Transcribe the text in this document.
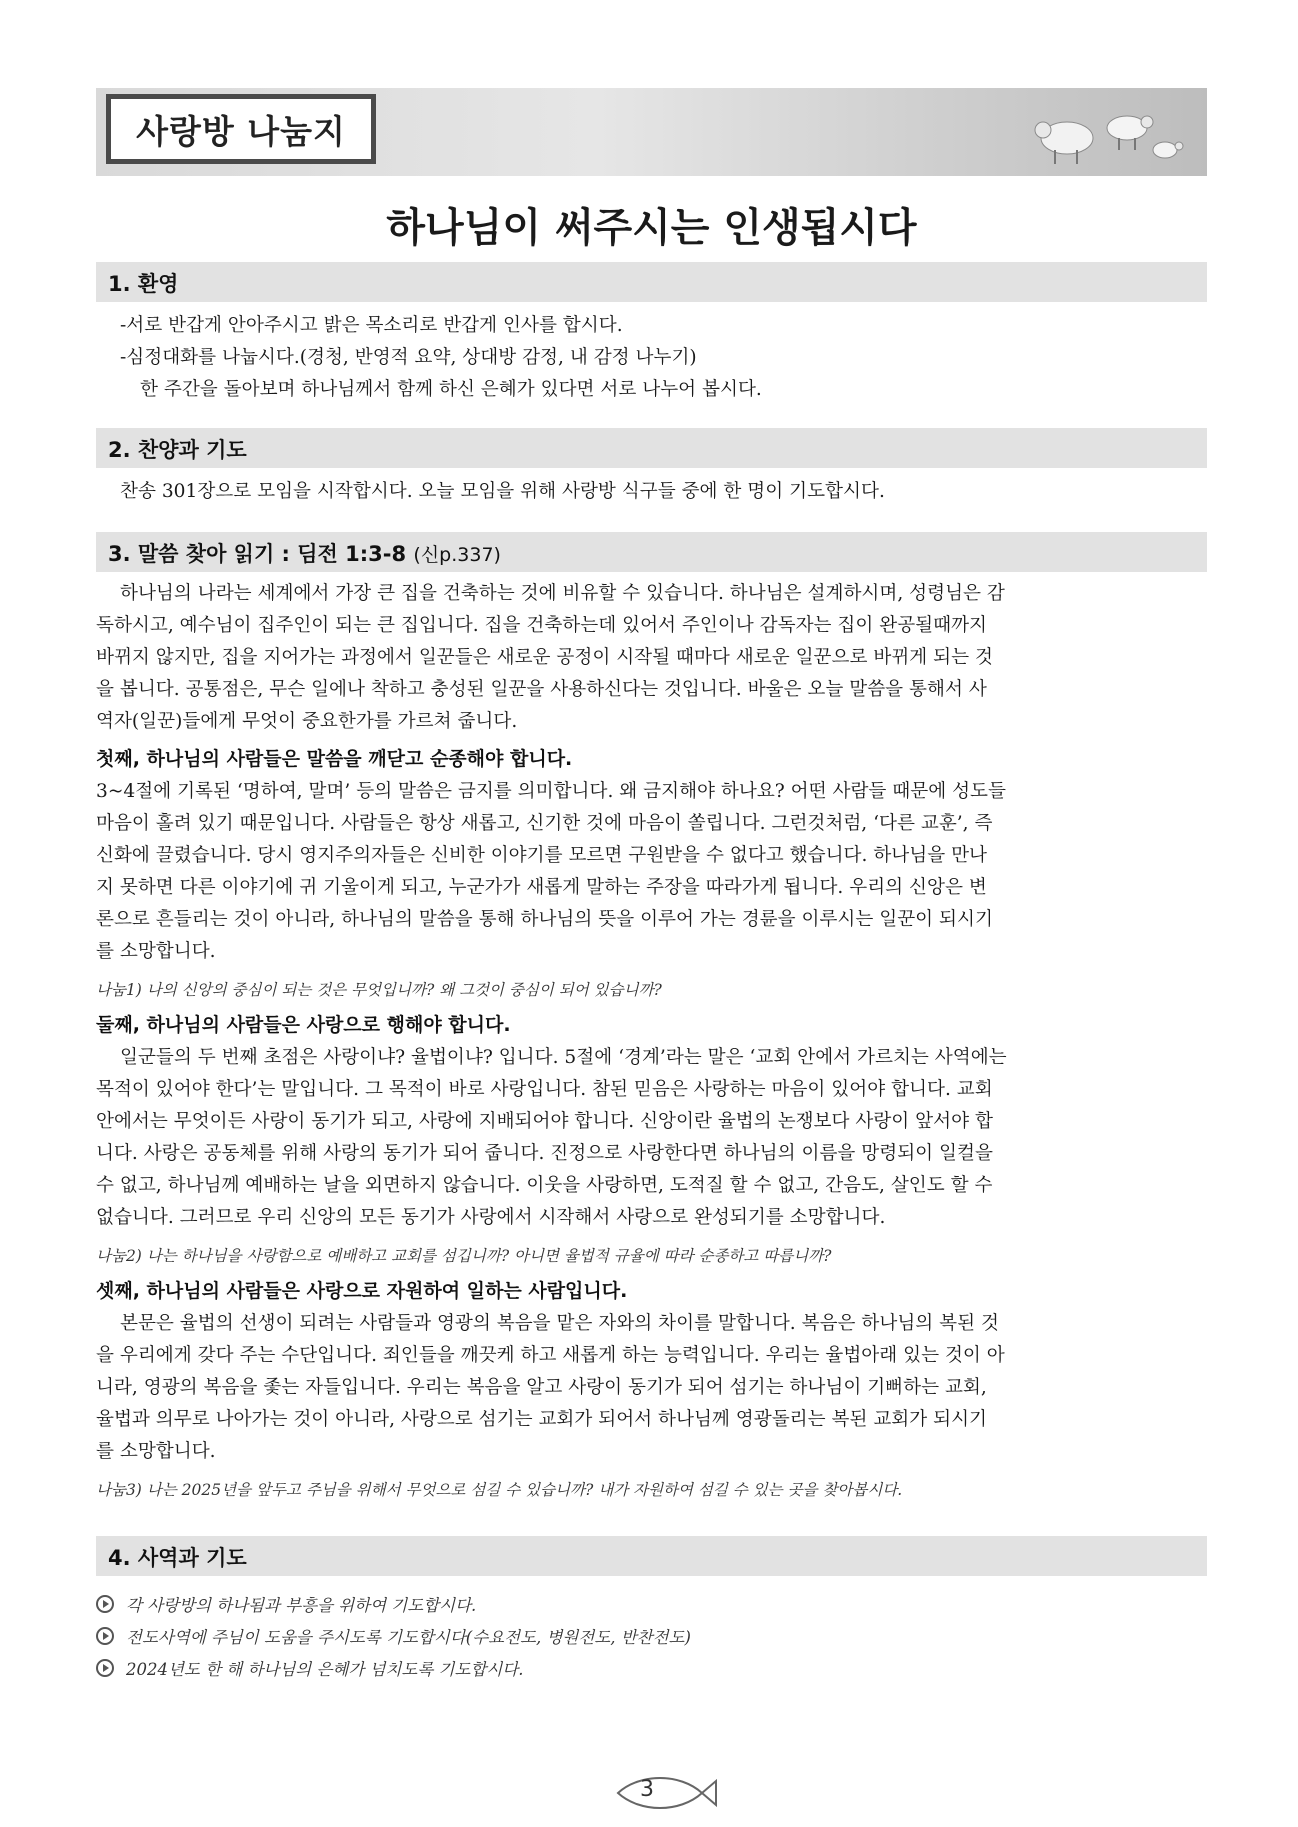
사랑방 나눔지
하나님이 써주시는 인생됩시다
1. 환영
-서로 반갑게 안아주시고 밝은 목소리로 반갑게 인사를 합시다.
-심정대화를 나눕시다.(경청, 반영적 요약, 상대방 감정, 내 감정 나누기)
한 주간을 돌아보며 하나님께서 함께 하신 은혜가 있다면 서로 나누어 봅시다.
2. 찬양과 기도
찬송 301장으로 모임을 시작합시다. 오늘 모임을 위해 사랑방 식구들 중에 한 명이 기도합시다.
3. 말씀 찾아 읽기 : 딤전 1:3-8 (신p.337)
하나님의 나라는 세계에서 가장 큰 집을 건축하는 것에 비유할 수 있습니다. 하나님은 설계하시며, 성령님은 감
독하시고, 예수님이 집주인이 되는 큰 집입니다. 집을 건축하는데 있어서 주인이나 감독자는 집이 완공될때까지
바뀌지 않지만, 집을 지어가는 과정에서 일꾼들은 새로운 공정이 시작될 때마다 새로운 일꾼으로 바뀌게 되는 것
을 봅니다. 공통점은, 무슨 일에나 착하고 충성된 일꾼을 사용하신다는 것입니다. 바울은 오늘 말씀을 통해서 사
역자(일꾼)들에게 무엇이 중요한가를 가르쳐 줍니다.
첫째, 하나님의 사람들은 말씀을 깨닫고 순종해야 합니다.
3~4절에 기록된 ‘명하여, 말며’ 등의 말씀은 금지를 의미합니다. 왜 금지해야 하나요? 어떤 사람들 때문에 성도들
마음이 홀려 있기 때문입니다. 사람들은 항상 새롭고, 신기한 것에 마음이 쏠립니다. 그런것처럼, ‘다른 교훈’, 즉
신화에 끌렸습니다. 당시 영지주의자들은 신비한 이야기를 모르면 구원받을 수 없다고 했습니다. 하나님을 만나
지 못하면 다른 이야기에 귀 기울이게 되고, 누군가가 새롭게 말하는 주장을 따라가게 됩니다. 우리의 신앙은 변
론으로 흔들리는 것이 아니라, 하나님의 말씀을 통해 하나님의 뜻을 이루어 가는 경륜을 이루시는 일꾼이 되시기
를 소망합니다.
나눔1) 나의 신앙의 중심이 되는 것은 무엇입니까? 왜 그것이 중심이 되어 있습니까?
둘째, 하나님의 사람들은 사랑으로 행해야 합니다.
일군들의 두 번째 초점은 사랑이냐? 율법이냐? 입니다. 5절에 ‘경계’라는 말은 ‘교회 안에서 가르치는 사역에는
목적이 있어야 한다’는 말입니다. 그 목적이 바로 사랑입니다. 참된 믿음은 사랑하는 마음이 있어야 합니다. 교회
안에서는 무엇이든 사랑이 동기가 되고, 사랑에 지배되어야 합니다. 신앙이란 율법의 논쟁보다 사랑이 앞서야 합
니다. 사랑은 공동체를 위해 사랑의 동기가 되어 줍니다. 진정으로 사랑한다면 하나님의 이름을 망령되이 일컬을
수 없고, 하나님께 예배하는 날을 외면하지 않습니다. 이웃을 사랑하면, 도적질 할 수 없고, 간음도, 살인도 할 수
없습니다. 그러므로 우리 신앙의 모든 동기가 사랑에서 시작해서 사랑으로 완성되기를 소망합니다.
나눔2) 나는 하나님을 사랑함으로 예배하고 교회를 섬깁니까? 아니면 율법적 규율에 따라 순종하고 따릅니까?
셋째, 하나님의 사람들은 사랑으로 자원하여 일하는 사람입니다.
본문은 율법의 선생이 되려는 사람들과 영광의 복음을 맡은 자와의 차이를 말합니다. 복음은 하나님의 복된 것
을 우리에게 갖다 주는 수단입니다. 죄인들을 깨끗케 하고 새롭게 하는 능력입니다. 우리는 율법아래 있는 것이 아
니라, 영광의 복음을 좇는 자들입니다. 우리는 복음을 알고 사랑이 동기가 되어 섬기는 하나님이 기뻐하는 교회,
율법과 의무로 나아가는 것이 아니라, 사랑으로 섬기는 교회가 되어서 하나님께 영광돌리는 복된 교회가 되시기
를 소망합니다.
나눔3) 나는 2025년을 앞두고 주님을 위해서 무엇으로 섬길 수 있습니까? 내가 자원하여 섬길 수 있는 곳을 찾아봅시다.
4. 사역과 기도
각 사랑방의 하나됨과 부흥을 위하여 기도합시다.
전도사역에 주님이 도움을 주시도록 기도합시다(수요전도, 병원전도, 반찬전도)
2024년도 한 해 하나님의 은혜가 넘치도록 기도합시다.
3
